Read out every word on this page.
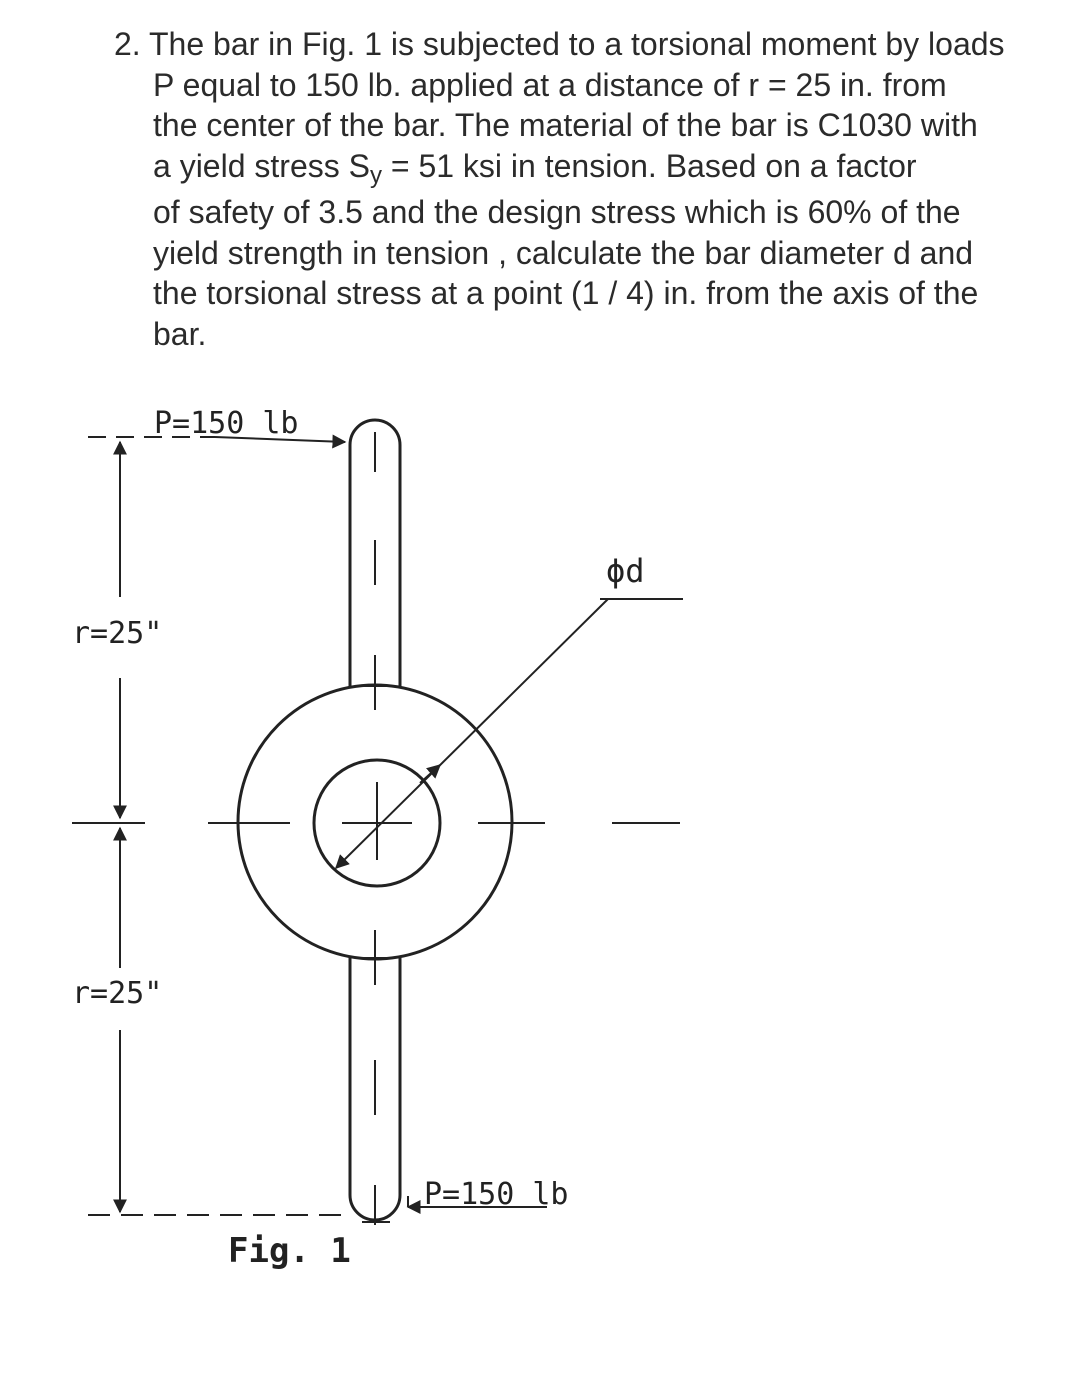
2. The bar in Fig. 1 is subjected to a torsional moment by loads
P equal to 150 lb. applied at a distance of r = 25 in. from
the center of the bar. The material of the bar is C1030 with
a yield stress $S_y = 51$ ksi in tension. Based on a factor
of safety of 3.5 and the design stress which is 60% of the
yield strength in tension , calculate the bar diameter d and
the torsional stress at a point (1 / 4) in. from the axis of the
bar.
P=150 lb
P=150 lb
r=25"
r=25"
ϕd
Fig. 1
